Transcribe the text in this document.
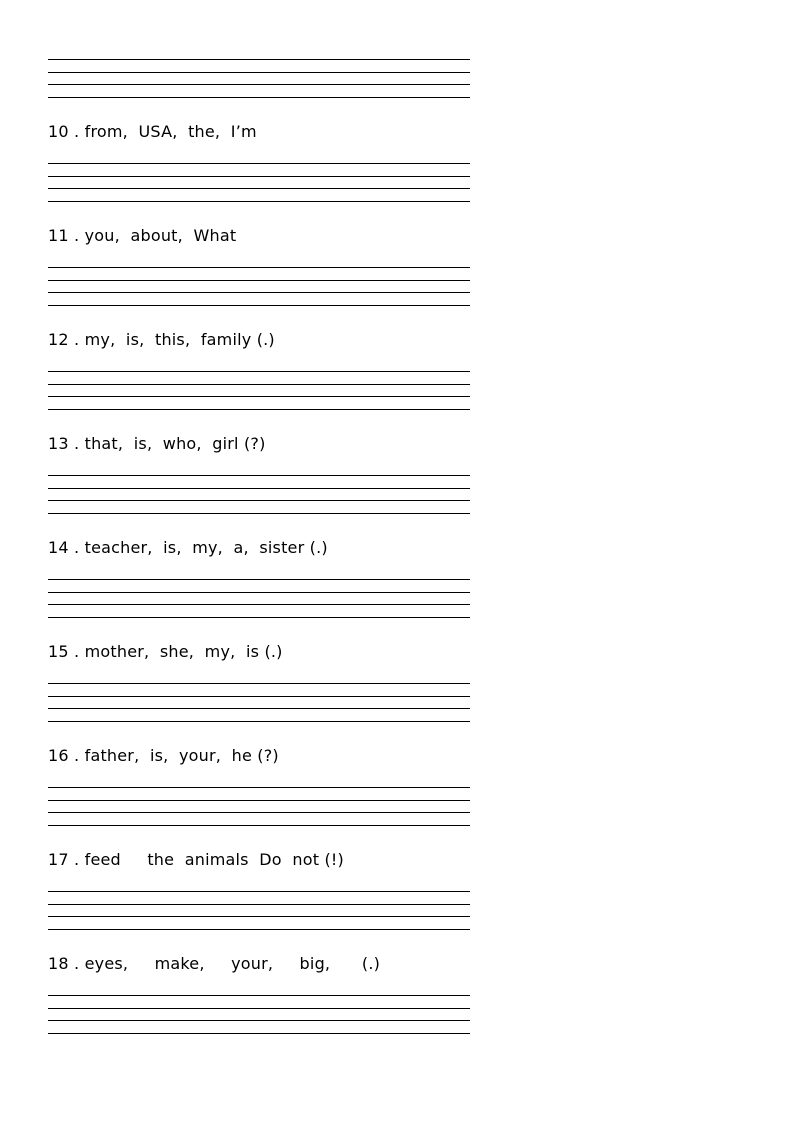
10 . from,  USA,  the,  I’m
11 . you,  about,  What
12 . my,  is,  this,  family (.)
13 . that,  is,  who,  girl (?)
14 . teacher,  is,  my,  a,  sister (.)
15 . mother,  she,  my,  is (.)
16 . father,  is,  your,  he (?)
17 . feed     the  animals  Do  not (!)
18 . eyes,     make,     your,     big,      (.)
